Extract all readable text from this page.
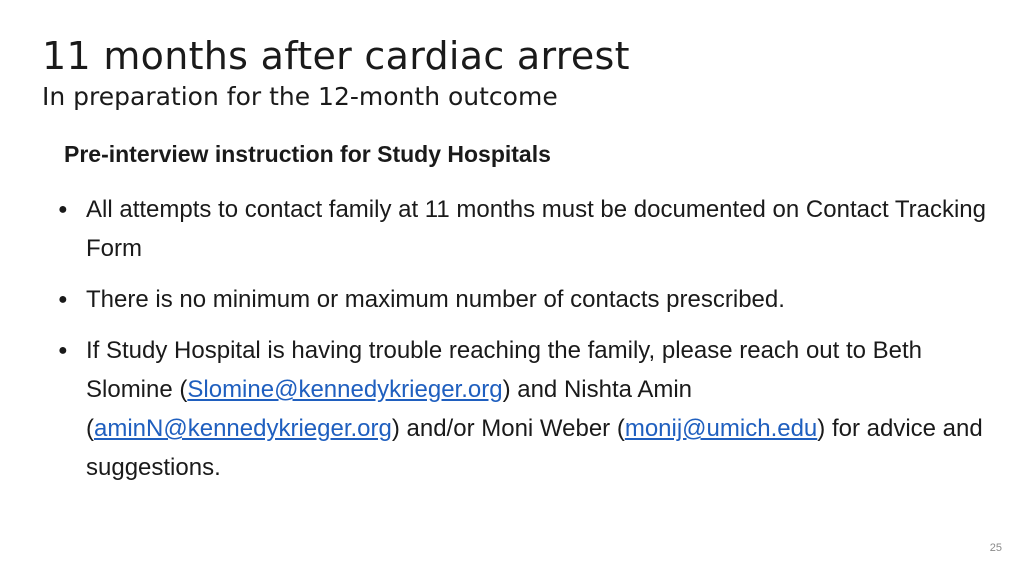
11 months after cardiac arrest
In preparation for the 12-month outcome
Pre-interview instruction for Study Hospitals
● All attempts to contact family at 11 months must be documented on Contact Tracking Form
● There is no minimum or maximum number of contacts prescribed.
● If Study Hospital is having trouble reaching the family, please reach out to Beth Slomine (Slomine@kennedykrieger.org) and Nishta Amin (aminN@kennedykrieger.org) and/or Moni Weber (monij@umich.edu) for advice and suggestions.
25
